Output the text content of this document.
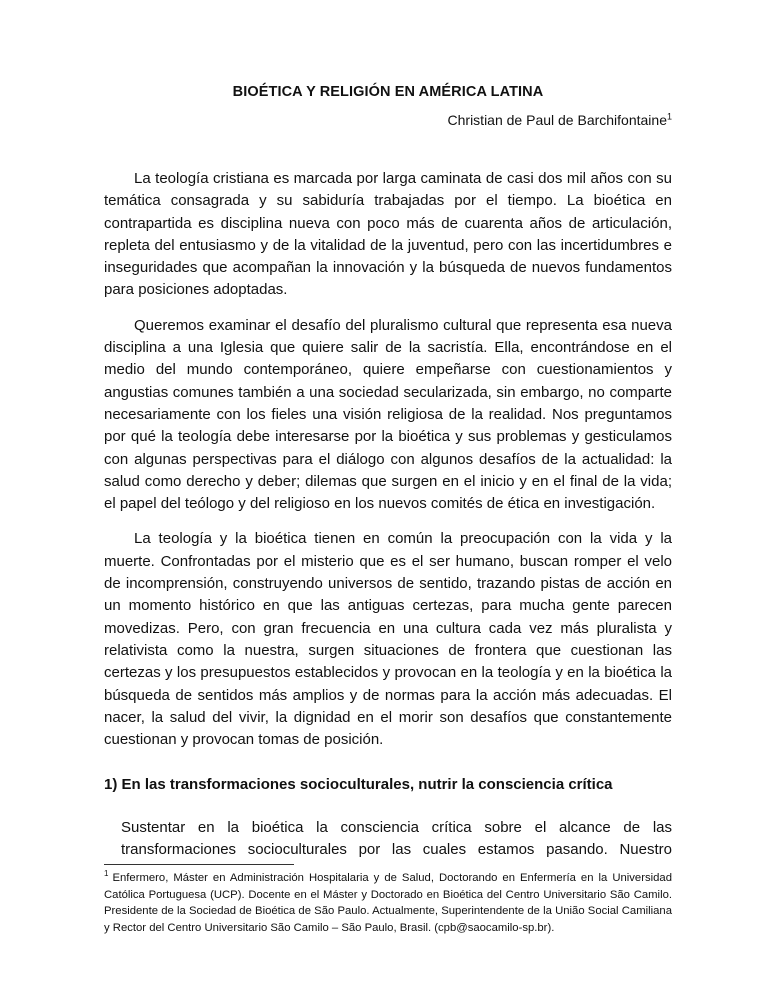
BIOÉTICA Y RELIGIÓN EN AMÉRICA LATINA

Christian de Paul de Barchifontaine$^1$

La teología cristiana es marcada por larga caminata de casi dos mil años con su temática consagrada y su sabiduría trabajadas por el tiempo. La bioética en contrapartida es disciplina nueva con poco más de cuarenta años de articulación, repleta del entusiasmo y de la vitalidad de la juventud, pero con las incertidumbres e inseguridades que acompañan la innovación y la búsqueda de nuevos fundamentos para posiciones adoptadas.

Queremos examinar el desafío del pluralismo cultural que representa esa nueva disciplina a una Iglesia que quiere salir de la sacristía. Ella, encontrándose en el medio del mundo contemporáneo, quiere empeñarse con cuestionamientos y angustias comunes también a una sociedad secularizada, sin embargo, no comparte necesariamente con los fieles una visión religiosa de la realidad. Nos preguntamos por qué la teología debe interesarse por la bioética y sus problemas y gesticulamos con algunas perspectivas para el diálogo con algunos desafíos de la actualidad: la salud como derecho y deber; dilemas que surgen en el inicio y en el final de la vida; el papel del teólogo y del religioso en los nuevos comités de ética en investigación.

La teología y la bioética tienen en común la preocupación con la vida y la muerte. Confrontadas por el misterio que es el ser humano, buscan romper el velo de incomprensión, construyendo universos de sentido, trazando pistas de acción en un momento histórico en que las antiguas certezas, para mucha gente parecen movedizas. Pero, con gran frecuencia en una cultura cada vez más pluralista y relativista como la nuestra, surgen situaciones de frontera que cuestionan las certezas y los presupuestos establecidos y provocan en la teología y en la bioética la búsqueda de sentidos más amplios y de normas para la acción más adecuadas. El nacer, la salud del vivir, la dignidad en el morir son desafíos que constantemente cuestionan y provocan tomas de posición.

1) En las transformaciones socioculturales, nutrir la consciencia crítica

Sustentar en la bioética la consciencia crítica sobre el alcance de las transformaciones socioculturales por las cuales estamos pasando. Nuestro

$^1$ Enfermero, Máster en Administración Hospitalaria y de Salud, Doctorando en Enfermería en la Universidad Católica Portuguesa (UCP). Docente en el Máster y Doctorado en Bioética del Centro Universitario São Camilo. Presidente de la Sociedad de Bioética de São Paulo. Actualmente, Superintendente de la União Social Camiliana y Rector del Centro Universitario São Camilo – São Paulo, Brasil. (cpb@saocamilo-sp.br).
